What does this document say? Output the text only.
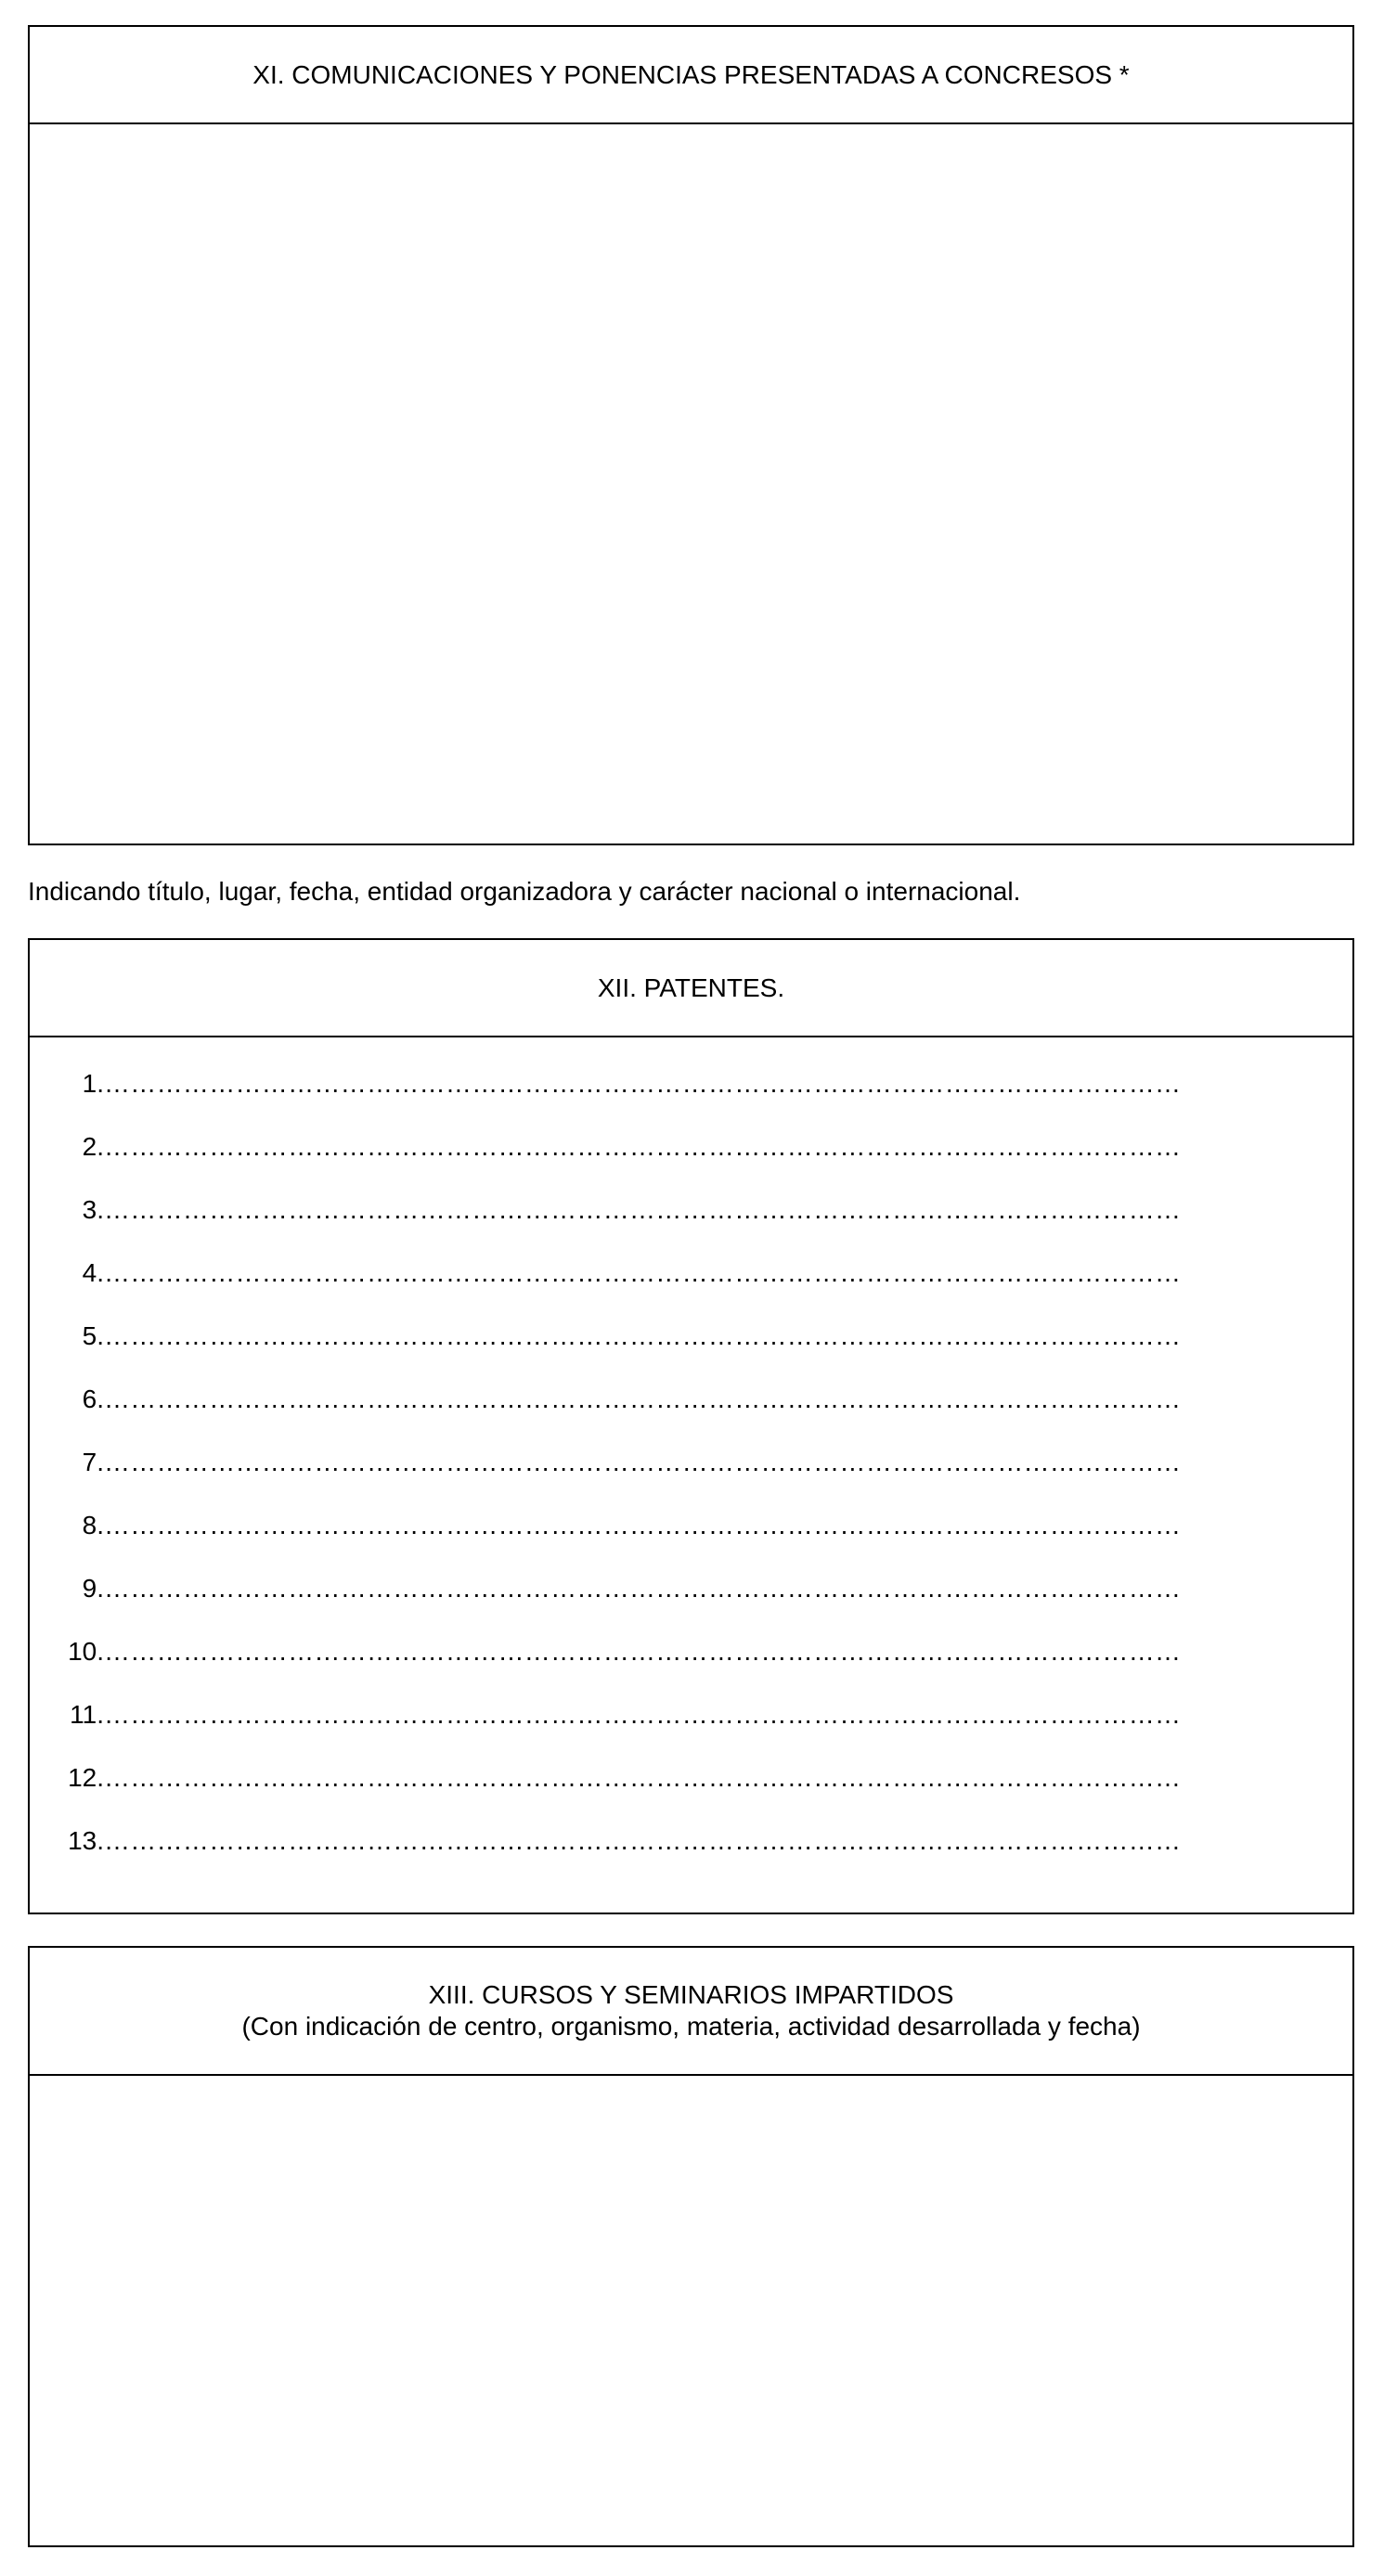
XI. COMUNICACIONES Y PONENCIAS PRESENTADAS A CONCRESOS *
Indicando título, lugar, fecha, entidad organizadora y carácter nacional o internacional.
XII. PATENTES.
1. ……………………………………………………………………………………………………………
2. ……………………………………………………………………………………………………………
3. ……………………………………………………………………………………………………………
4. ……………………………………………………………………………………………………………
5. ……………………………………………………………………………………………………………
6. ……………………………………………………………………………………………………………
7. ……………………………………………………………………………………………………………
8. ……………………………………………………………………………………………………………
9. ……………………………………………………………………………………………………………
10. ……………………………………………………………………………………………………………
11. ……………………………………………………………………………………………………………
12. ……………………………………………………………………………………………………………
13. ……………………………………………………………………………………………………………
XIII. CURSOS Y SEMINARIOS IMPARTIDOS
(Con indicación de centro, organismo, materia, actividad desarrollada y fecha)
